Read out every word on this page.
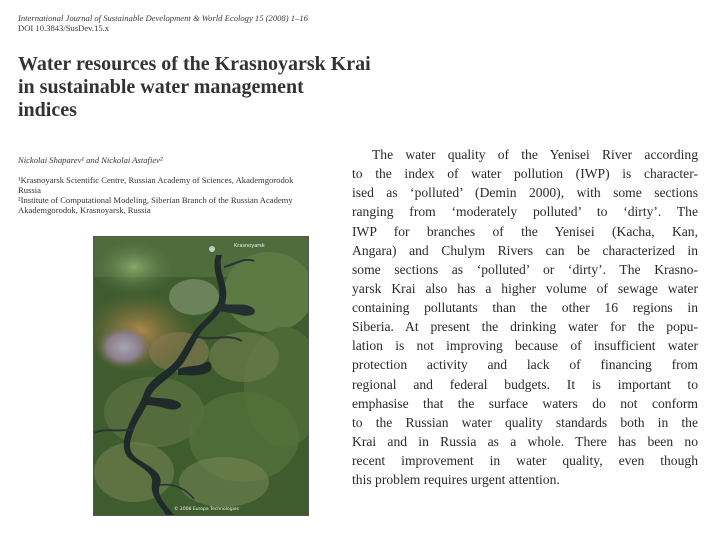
International Journal of Sustainable Development & World Ecology 15 (2008) 1–16
DOI 10.3843/SusDev.15.x
Water resources of the Krasnoyarsk Krai
in sustainable water management
indices
Nickolai Shaparev¹ and Nickolai Astafiev²
¹Krasnoyarsk Scientific Centre, Russian Academy of Sciences, Akademgorodok
Russia
²Institute of Computational Modeling, Siberian Branch of the Russian Academy
Akademgorodok, Krasnoyarsk, Russia
Krasnoyarsk
© 2008 Europa Technologies
The water quality of the Yenisei River according
to the index of water pollution (IWP) is character-
ised as ‘polluted’ (Demin 2000), with some sections
ranging from ‘moderately polluted’ to ‘dirty’. The
IWP for branches of the Yenisei (Kacha, Kan,
Angara) and Chulym Rivers can be characterized in
some sections as ‘polluted’ or ‘dirty’. The Krasno-
yarsk Krai also has a higher volume of sewage water
containing pollutants than the other 16 regions in
Siberia. At present the drinking water for the popu-
lation is not improving because of insufficient water
protection activity and lack of financing from
regional and federal budgets. It is important to
emphasise that the surface waters do not conform
to the Russian water quality standards both in the
Krai and in Russia as a whole. There has been no
recent improvement in water quality, even though
this problem requires urgent attention.
